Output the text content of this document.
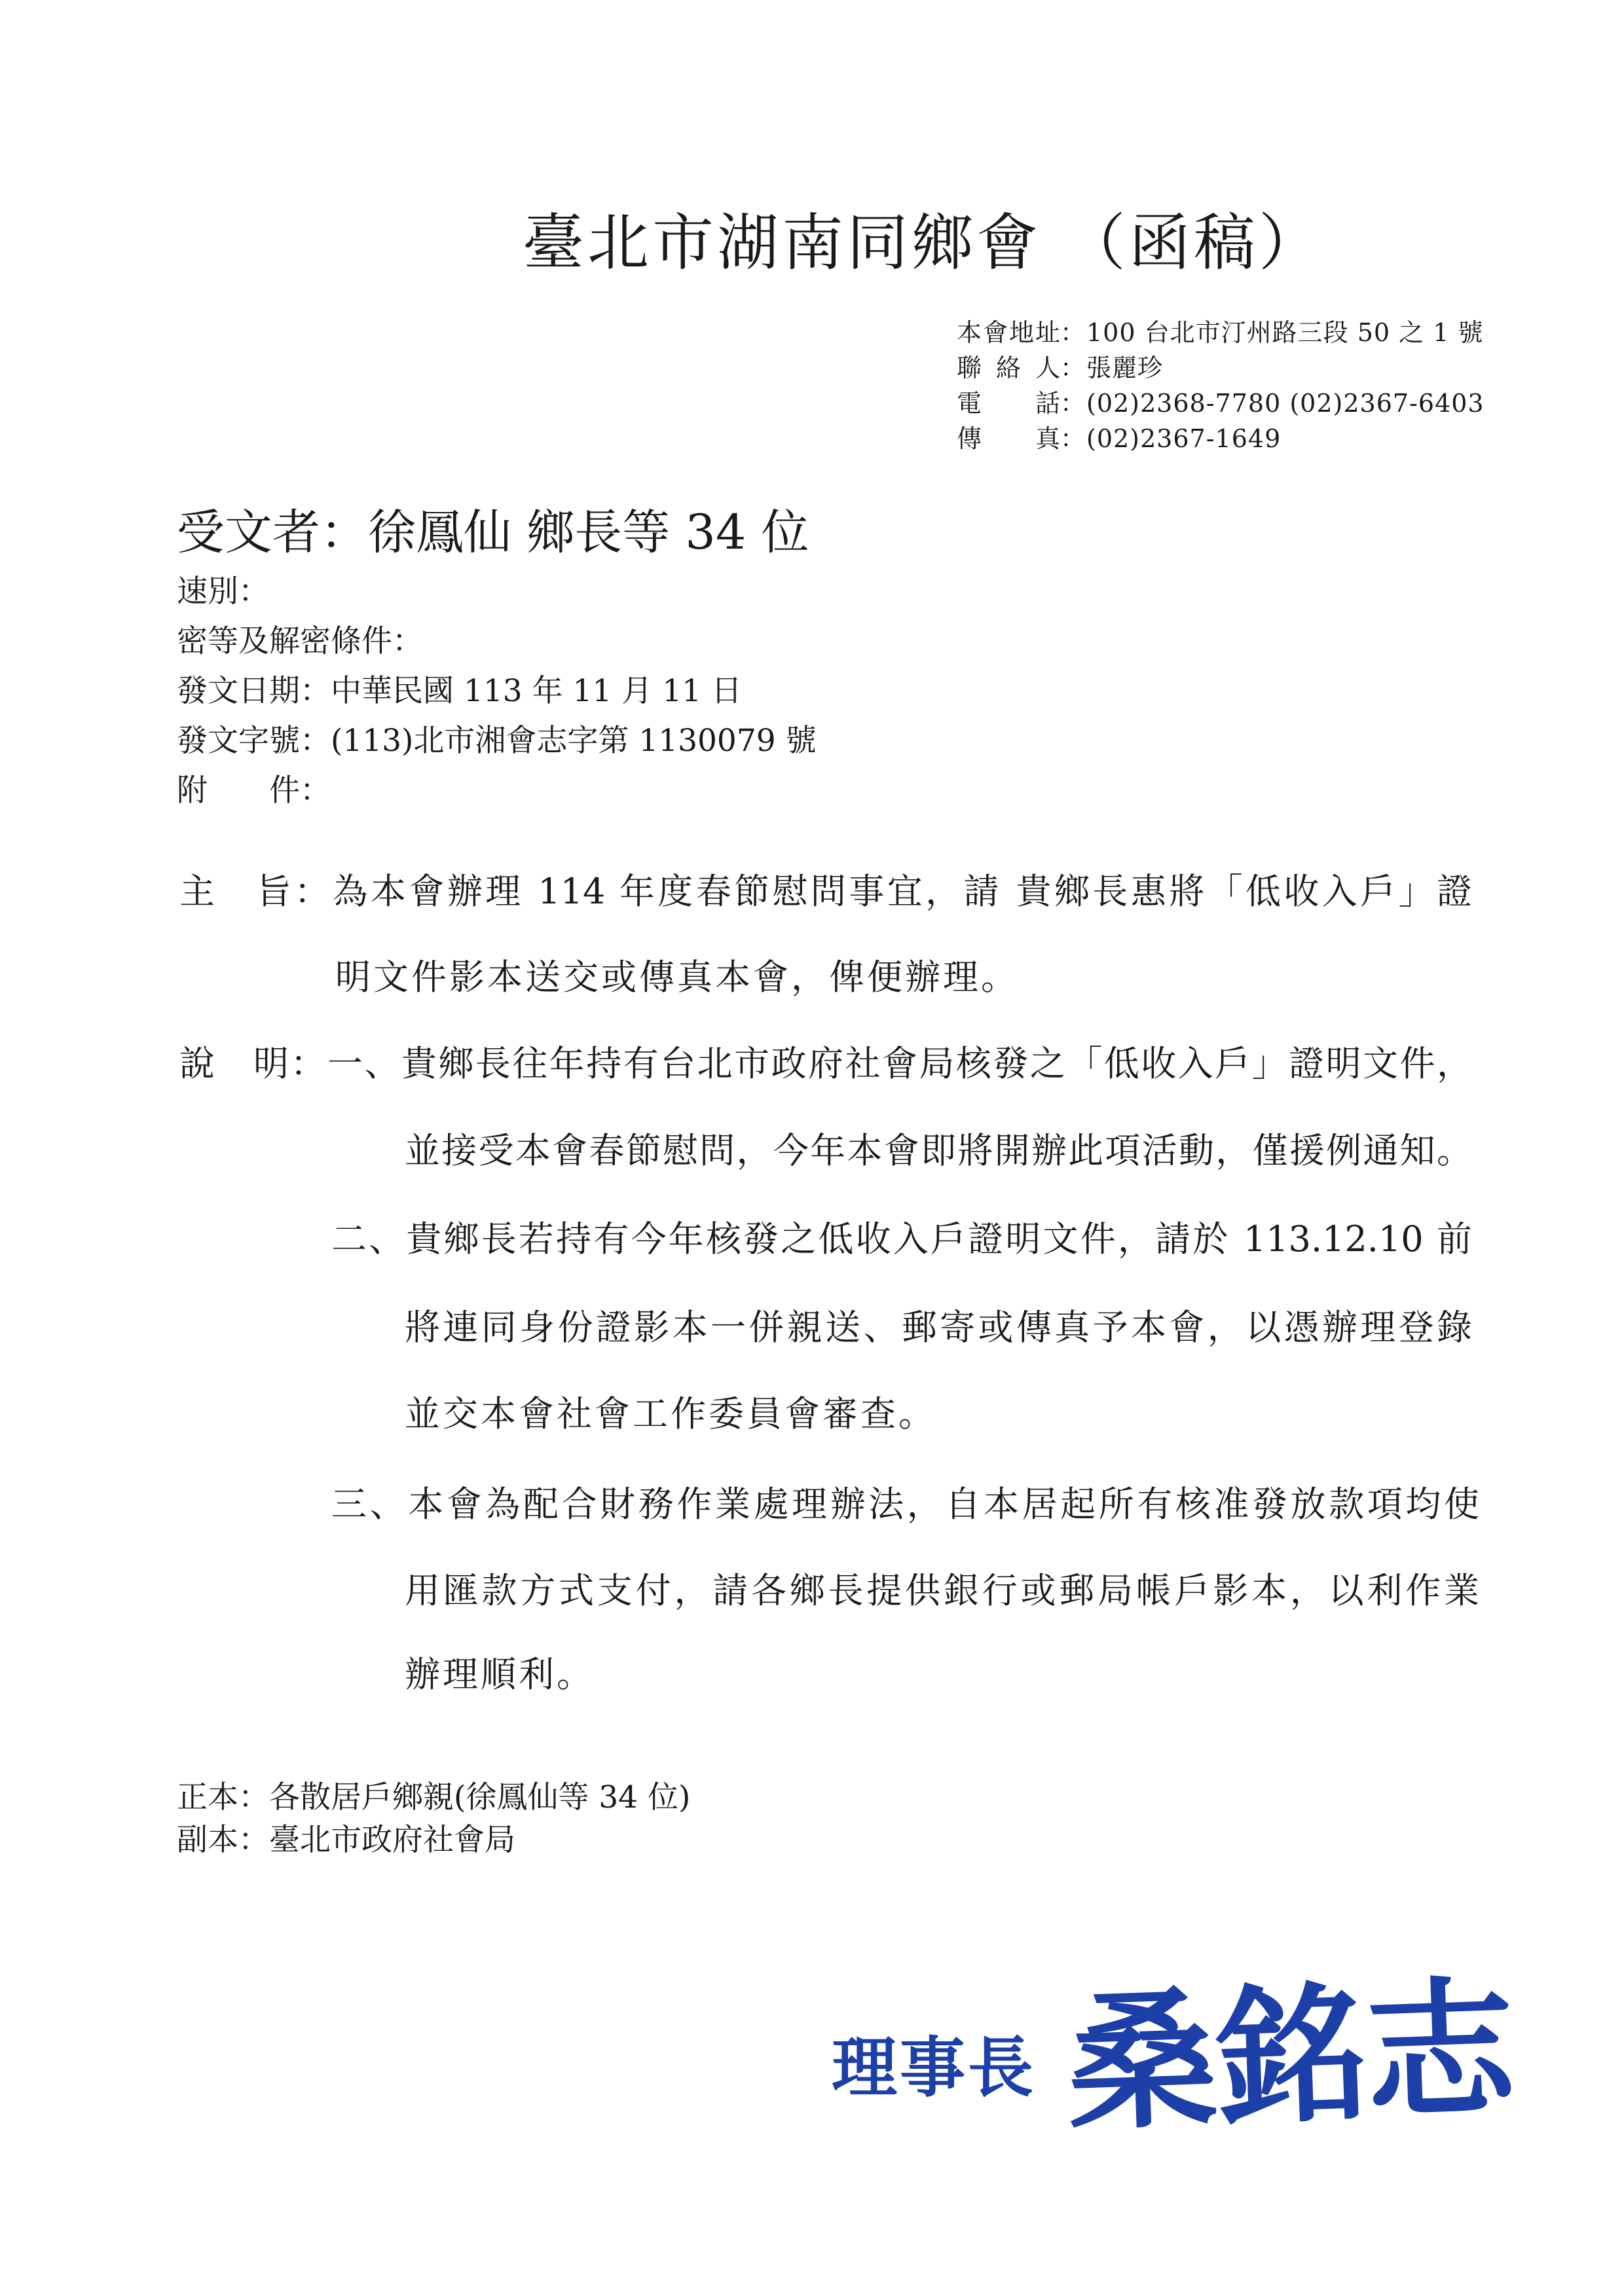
臺北市湖南同鄉會 （函稿）
本會地址：100 台北市汀州路三段 50 之 1 號
聯 絡 人：張麗珍
電　　話：(02)2368-7780 (02)2367-6403
傳　　真：(02)2367-1649
受文者：徐鳳仙 鄉長等 34 位
速別：
密等及解密條件：
發文日期：中華民國 113 年 11 月 11 日
發文字號：(113)北市湘會志字第 1130079 號
附　　件：
主　旨：為本會辦理 114 年度春節慰問事宜，請 貴鄉長惠將「低收入戶」證
明文件影本送交或傳真本會，俾便辦理。
說　明：一、貴鄉長往年持有台北市政府社會局核發之「低收入戶」證明文件，
並接受本會春節慰問，今年本會即將開辦此項活動，僅援例通知。
二、貴鄉長若持有今年核發之低收入戶證明文件，請於 113.12.10 前
將連同身份證影本一併親送、郵寄或傳真予本會，以憑辦理登錄
並交本會社會工作委員會審查。
三、本會為配合財務作業處理辦法，自本居起所有核准發放款項均使
用匯款方式支付，請各鄉長提供銀行或郵局帳戶影本，以利作業
辦理順利。
正本：各散居戶鄉親(徐鳳仙等 34 位)
副本：臺北市政府社會局
理事長 桑銘志
